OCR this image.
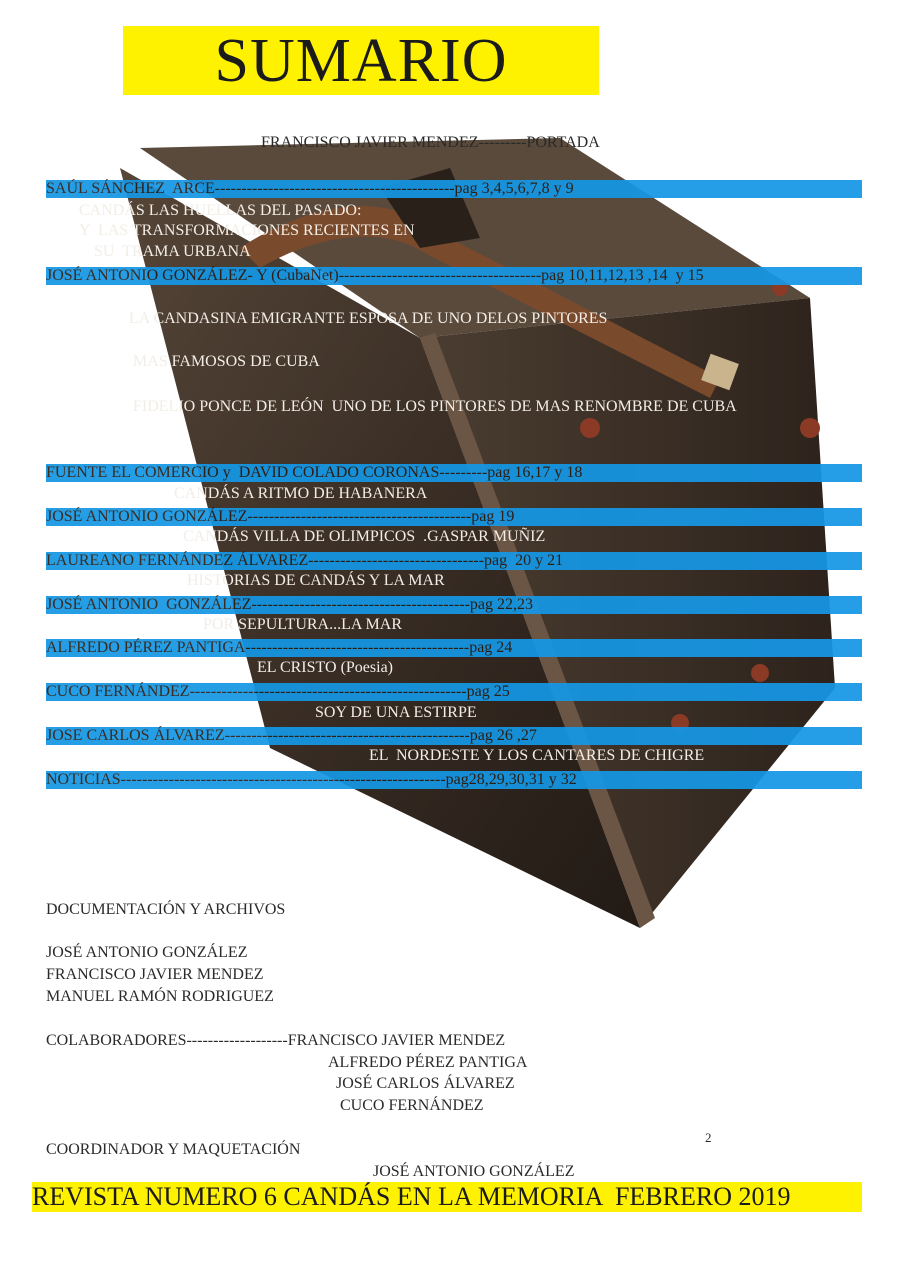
SUMARIO
FRANCISCO JAVIER MENDEZ---------PORTADA
SAÚL SÁNCHEZ  ARCE---------------------------------------------pag 3,4,5,6,7,8 y 9
CANDÁS LAS HUELLAS DEL PASADO:
Y  LAS TRANSFORMACIONES RECIENTES EN
SU  TRAMA URBANA
JOSÉ ANTONIO GONZÁLEZ- Y (CubaNet)--------------------------------------pag 10,11,12,13 ,14  y 15
LA CANDASINA EMIGRANTE ESPOSA DE UNO DELOS PINTORES
MAS FAMOSOS DE CUBA
FIDELIO PONCE DE LEÓN  UNO DE LOS PINTORES DE MAS RENOMBRE DE CUBA
FUENTE EL COMERCIO y  DAVID COLADO CORONAS---------pag 16,17 y 18
CANDÁS A RITMO DE HABANERA
JOSÉ ANTONIO GONZÁLEZ------------------------------------------pag 19
CANDÁS VILLA DE OLIMPICOS  .GASPAR MUÑIZ
LAUREANO FERNÁNDEZ ÁLVAREZ---------------------------------pag  20 y 21
HISTORIAS DE CANDÁS Y LA MAR
JOSÉ ANTONIO  GONZÁLEZ-----------------------------------------pag 22,23
POR SEPULTURA...LA MAR
ALFREDO PÉREZ PANTIGA------------------------------------------pag 24
EL CRISTO (Poesia)
CUCO FERNÁNDEZ----------------------------------------------------pag 25
SOY DE UNA ESTIRPE
JOSE CARLOS ÁLVAREZ----------------------------------------------pag 26 ,27
EL  NORDESTE Y LOS CANTARES DE CHIGRE
NOTICIAS-------------------------------------------------------------pag28,29,30,31 y 32
DOCUMENTACIÓN Y ARCHIVOS
JOSÉ ANTONIO GONZÁLEZ
FRANCISCO JAVIER MENDEZ
MANUEL RAMÓN RODRIGUEZ
COLABORADORES-------------------FRANCISCO JAVIER MENDEZ
ALFREDO PÉREZ PANTIGA
JOSÉ CARLOS ÁLVAREZ
CUCO FERNÁNDEZ
2
COORDINADOR Y MAQUETACIÓN
JOSÉ ANTONIO GONZÁLEZ
REVISTA NUMERO 6 CANDÁS EN LA MEMORIA  FEBRERO 2019
